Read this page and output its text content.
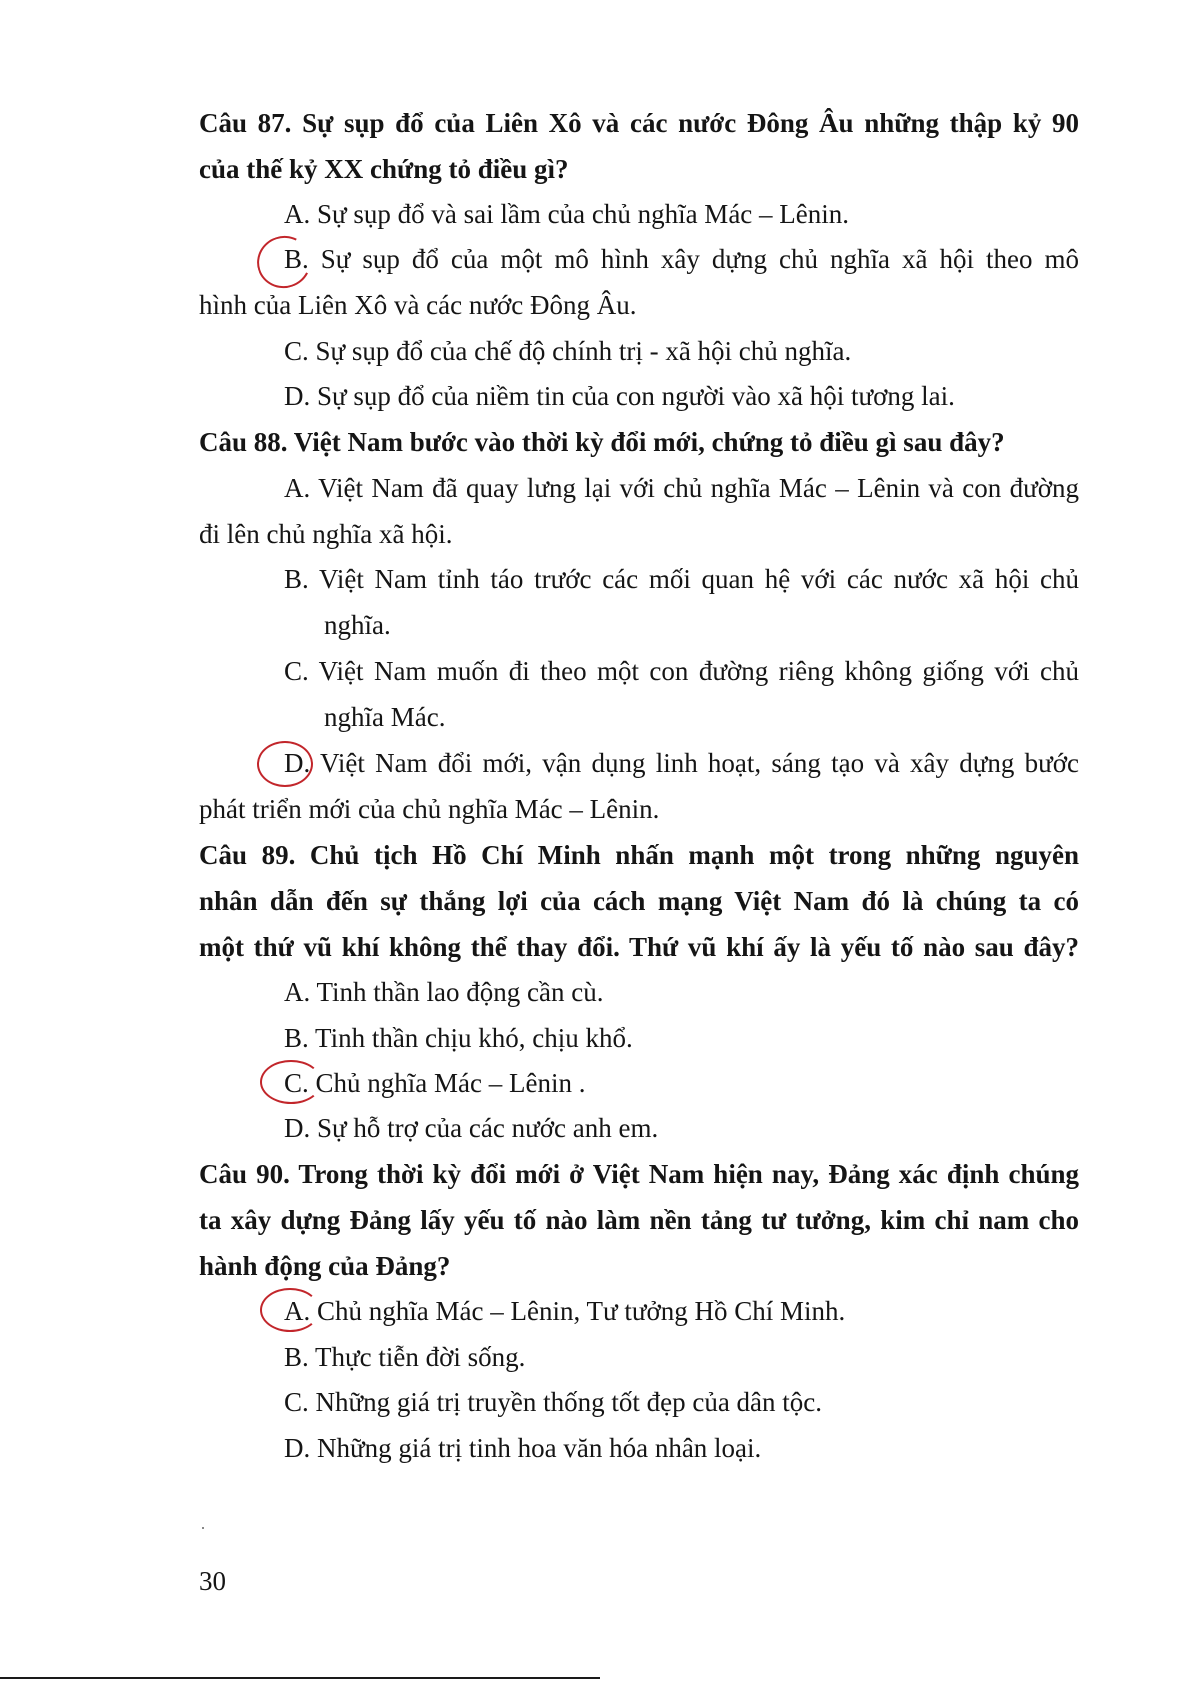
Câu 87. Sự sụp đổ của Liên Xô và các nước Đông Âu những thập kỷ 90
của thế kỷ XX chứng tỏ điều gì?
A. Sự sụp đổ và sai lầm của chủ nghĩa Mác – Lênin.
B. Sự sụp đổ của một mô hình xây dựng chủ nghĩa xã hội theo mô
hình của Liên Xô và các nước Đông Âu.
C. Sự sụp đổ của chế độ chính trị - xã hội chủ nghĩa.
D. Sự sụp đổ của niềm tin của con người vào xã hội tương lai.
Câu 88. Việt Nam bước vào thời kỳ đổi mới, chứng tỏ điều gì sau đây?
A. Việt Nam đã quay lưng lại với chủ nghĩa Mác – Lênin và con đường
đi lên chủ nghĩa xã hội.
B. Việt Nam tỉnh táo trước các mối quan hệ với các nước xã hội chủ
nghĩa.
C. Việt Nam muốn đi theo một con đường riêng không giống với chủ
nghĩa Mác.
D. Việt Nam đổi mới, vận dụng linh hoạt, sáng tạo và xây dựng bước
phát triển mới của chủ nghĩa Mác – Lênin.
Câu 89. Chủ tịch Hồ Chí Minh nhấn mạnh một trong những nguyên
nhân dẫn đến sự thắng lợi của cách mạng Việt Nam đó là chúng ta có
một thứ vũ khí không thể thay đổi. Thứ vũ khí ấy là yếu tố nào sau đây?
A. Tinh thần lao động cần cù.
B. Tinh thần chịu khó, chịu khổ.
C. Chủ nghĩa Mác – Lênin .
D. Sự hỗ trợ của các nước anh em.
Câu 90. Trong thời kỳ đổi mới ở Việt Nam hiện nay, Đảng xác định chúng
ta xây dựng Đảng lấy yếu tố nào làm nền tảng tư tưởng, kim chỉ nam cho
hành động của Đảng?
A. Chủ nghĩa Mác – Lênin, Tư tưởng Hồ Chí Minh.
B. Thực tiễn đời sống.
C. Những giá trị truyền thống tốt đẹp của dân tộc.
D. Những giá trị tinh hoa văn hóa nhân loại.
30
